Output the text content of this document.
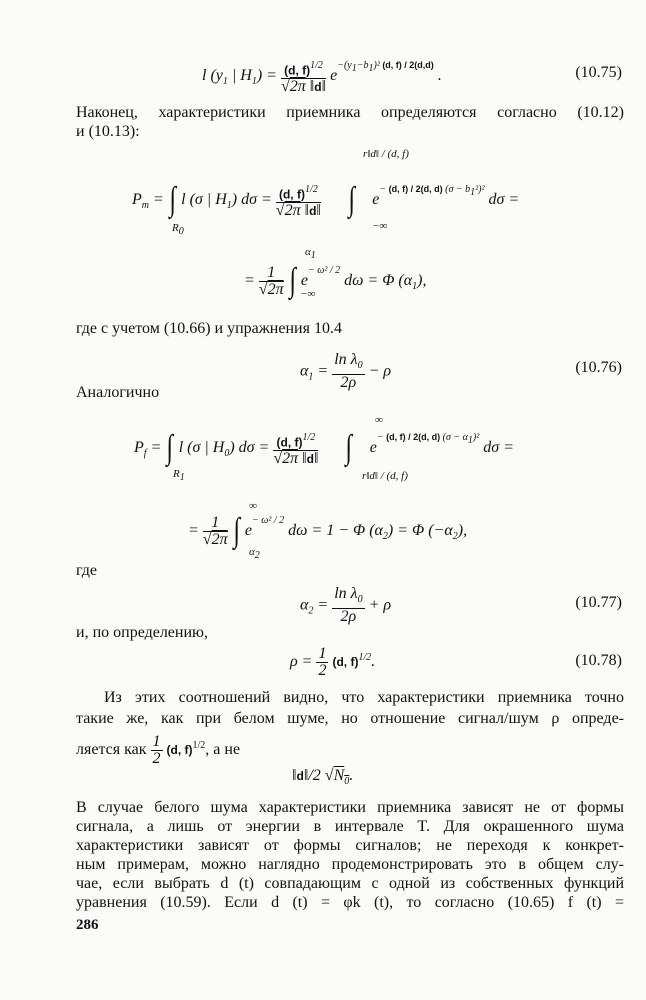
l ($y_1$ | $H_1) = \frac{(d, f)^{1/2}}{√2\pi ‖d‖} e^{-(y_1-b_1)^2 (d, f) / 2(d,d)}$ .	(10.75)
Наконец, характеристики приемника определяются согласно (10.12)
и (10.13):
$P_m$ = ∫ l (σ | $H_1$) $d\sigma = \frac{(d, f)^{1/2}}{√2\pi ‖d‖}$ ∫ $e^{- (d, f) / 2(d, d) (\sigma - b_1^2)^2}$ dσ =
$R_0$
r‖d‖ / (d, f)
−∞
= $\frac{1}{√2\pi}$ ∫ $e^{- \omega^2 / 2}$ dω = Φ $(\alpha_1)$,
$\alpha_1$
−∞
где с учетом (10.66) и упражнения 10.4
$\alpha_1 = \frac{\ln \lambda_0}{2\rho} - \rho$	(10.76)
Аналогично
$P_f$ = ∫ l (σ | $H_0$) $d\sigma = \frac{(d, f)^{1/2}}{√2\pi ‖d‖}$ ∫ $e^{- (d, f) / 2(d, d) (\sigma - \alpha_1)^2}$ dσ =
$R_1$
∞
r‖d‖ / (d, f)
= $\frac{1}{√2\pi}$ ∫ $e^{- \omega^2 / 2}$ dω = 1 − Φ $(\alpha_2) = \Phi$ $(-\alpha_2)$,
∞
$\alpha_2$
где
$\alpha_2 = \frac{\ln \lambda_0}{2\rho} + \rho$	(10.77)
и, по определению,
$\rho = \frac{1}{2} (d$, f)$^{1/2}$.	(10.78)
Из этих соотношений видно, что характеристики приемника точно
такие же, как при белом шуме, но отношение сигнал/шум ρ опреде-
ляется как $\frac{1}{2} (d$, f)$^{1/2}$, а не
‖d‖/2 $√N_0$.
В случае белого шума характеристики приемника зависят не от формы
сигнала, а лишь от энергии в интервале T. Для окрашенного шума
характеристики зависят от формы сигналов; не переходя к конкрет-
ным примерам, можно наглядно продемонстрировать это в общем слу-
чае, если выбрать d (t) совпадающим с одной из собственных функций
уравнения (10.59). Если d (t) = φk (t), то согласно (10.65) f (t) =
286
